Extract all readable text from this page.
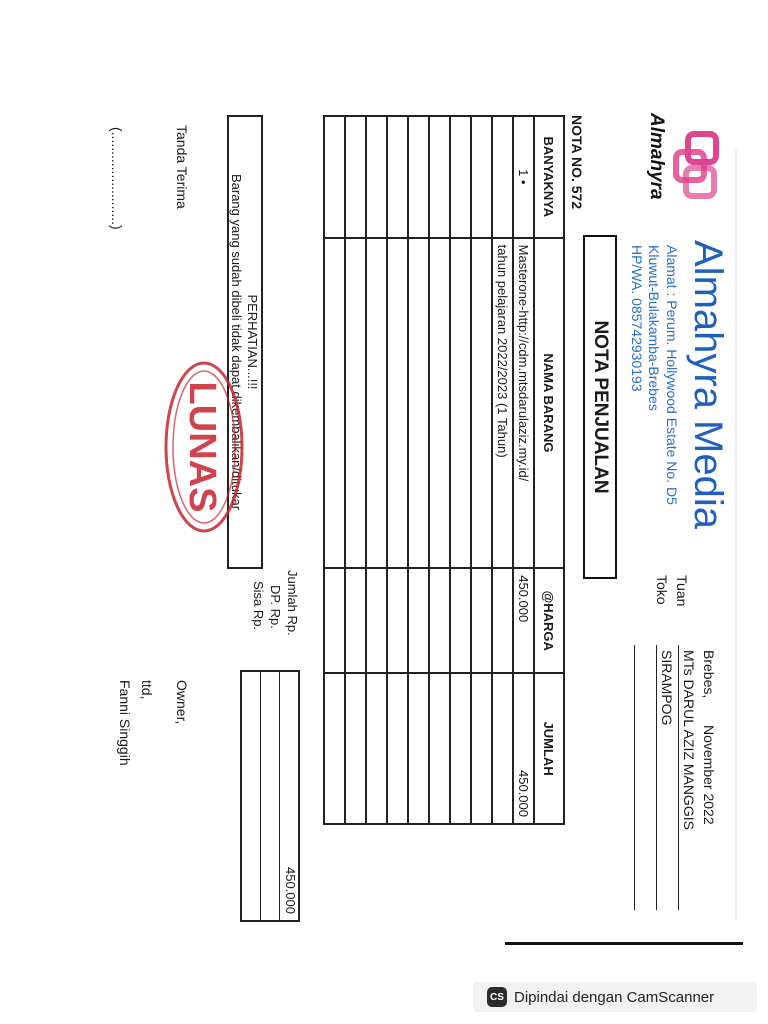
Almahyra
Almahyra Media
Alamat : Perum. Hollywood Estate No. D5
Kluwut-Bulakamba-Brebes
HP/WA. 085742930193
Brebes,
November 2022
Tuan
MTs DARUL AZIZ MANGGIS
Toko
SIRAMPOG
NOTA PENJUALAN
NOTA NO. 572
BANYAKNYA	NAMA BARANG	@HARGA	JUMLAH
1 •	Masterone-http://cdm.mtsdarulaziz.my.id/	450.000	450.000
	tahun pelajaran 2022/2023 (1 Tahun)		

Jumlah Rp.
DP. Rp.
Sisa Rp.
450.000
PERHATIAN...!!!
Barang yang sudah dibeli tidak dapat dikembalikan/ditukar
Tanda Terima
(........................)
Owner,
ttd,
Fanni Singgih
LUNAS
CS Dipindai dengan CamScanner
